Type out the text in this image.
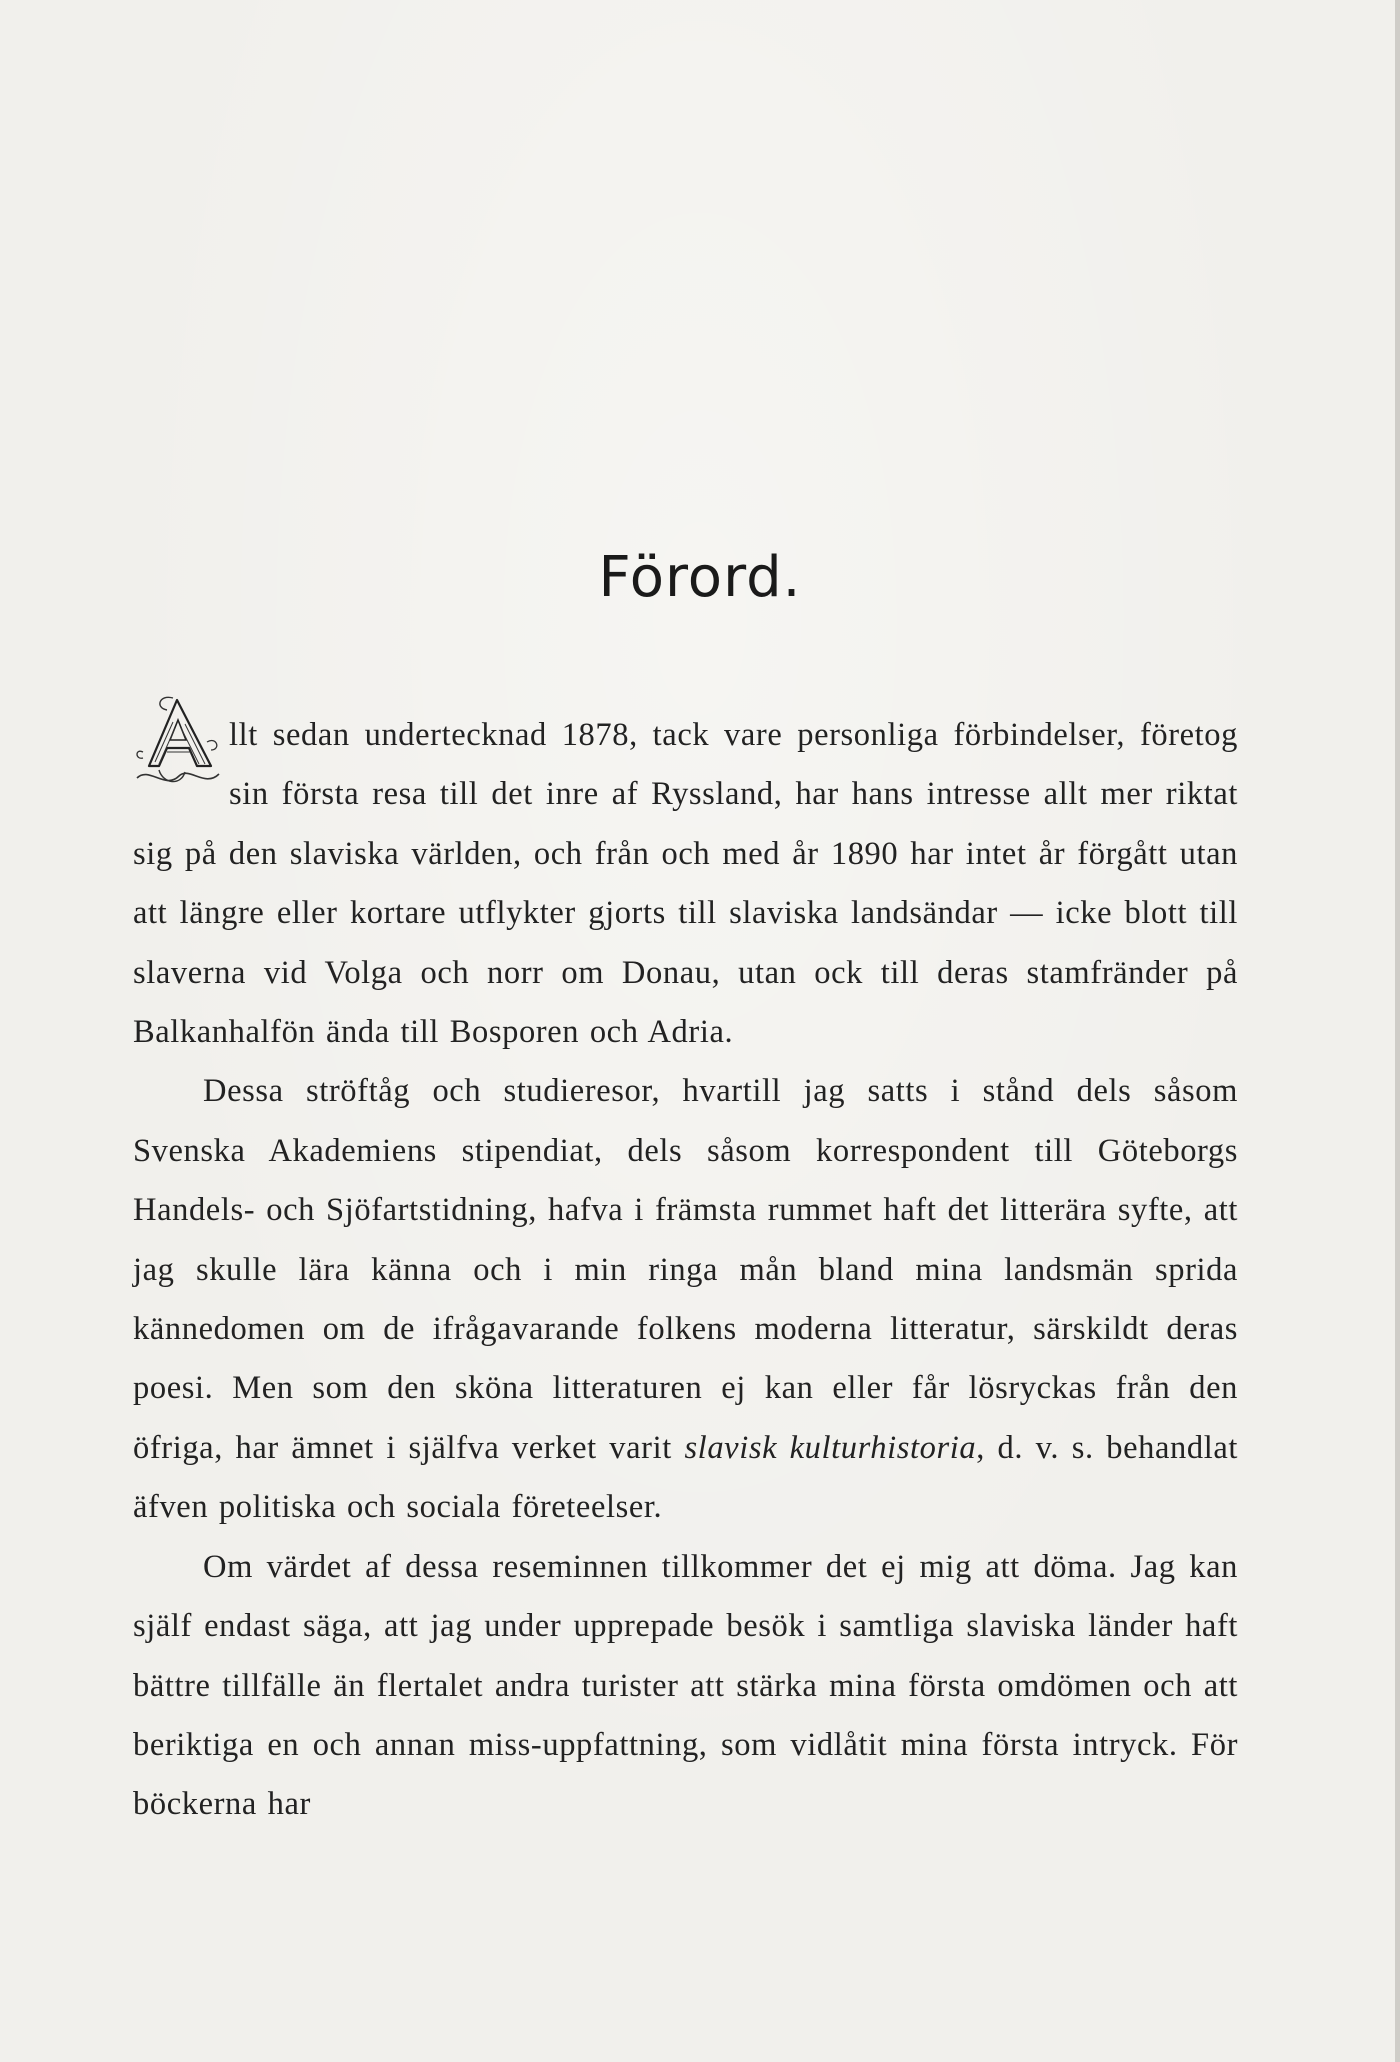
Förord.

llt sedan undertecknad 1878, tack vare personliga förbindelser, företog sin första resa till det inre af Ryssland, har hans intresse allt mer riktat sig på den slaviska världen, och från och med år 1890 har intet år förgått utan att längre eller kortare utflykter gjorts till slaviska landsändar — icke blott till slaverna vid Volga och norr om Donau, utan ock till deras stamfränder på Balkanhalfön ända till Bosporen och Adria.

Dessa ströftåg och studieresor, hvartill jag satts i stånd dels såsom Svenska Akademiens stipendiat, dels såsom korrespondent till Göteborgs Handels- och Sjöfartstidning, hafva i främsta rummet haft det litterära syfte, att jag skulle lära känna och i min ringa mån bland mina landsmän sprida kännedomen om de ifrågavarande folkens moderna litteratur, särskildt deras poesi. Men som den sköna litteraturen ej kan eller får lösryckas från den öfriga, har ämnet i själfva verket varit slavisk kulturhistoria, d. v. s. behandlat äfven politiska och sociala företeelser.

Om värdet af dessa reseminnen tillkommer det ej mig att döma. Jag kan själf endast säga, att jag under upprepade besök i samtliga slaviska länder haft bättre tillfälle än flertalet andra turister att stärka mina första omdömen och att beriktiga en och annan miss-uppfattning, som vidlåtit mina första intryck. För böckerna har
